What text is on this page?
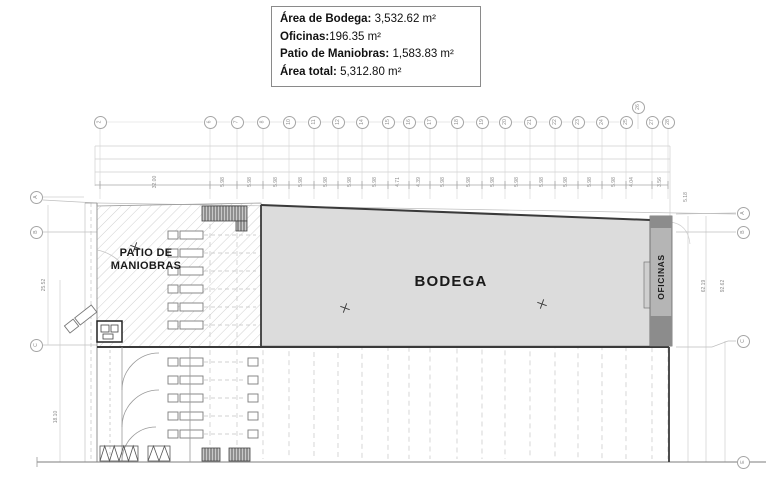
Área de Bodega: 3,532.62 m²
Oficinas:196.35 m²
Patio de Maniobras: 1,583.83 m²
Área total: 5,312.80 m²
PATIO DE MANIOBRAS
BODEGA	OFICINAS
2	6	7	8	10	11	12	14	15	16	17	18	19	20	21	22	23	24	25
26
27 28
A
B
C
A
B
C
E
32.00	5.98	5.98	5.98	5.98	5.98	5.98	5.98	4.71	4.39	5.98	5.98	5.98	5.98	5.98	5.98	5.98	5.98 4.04	3.56
5.18
62.19	92.62
25.52
18.10
